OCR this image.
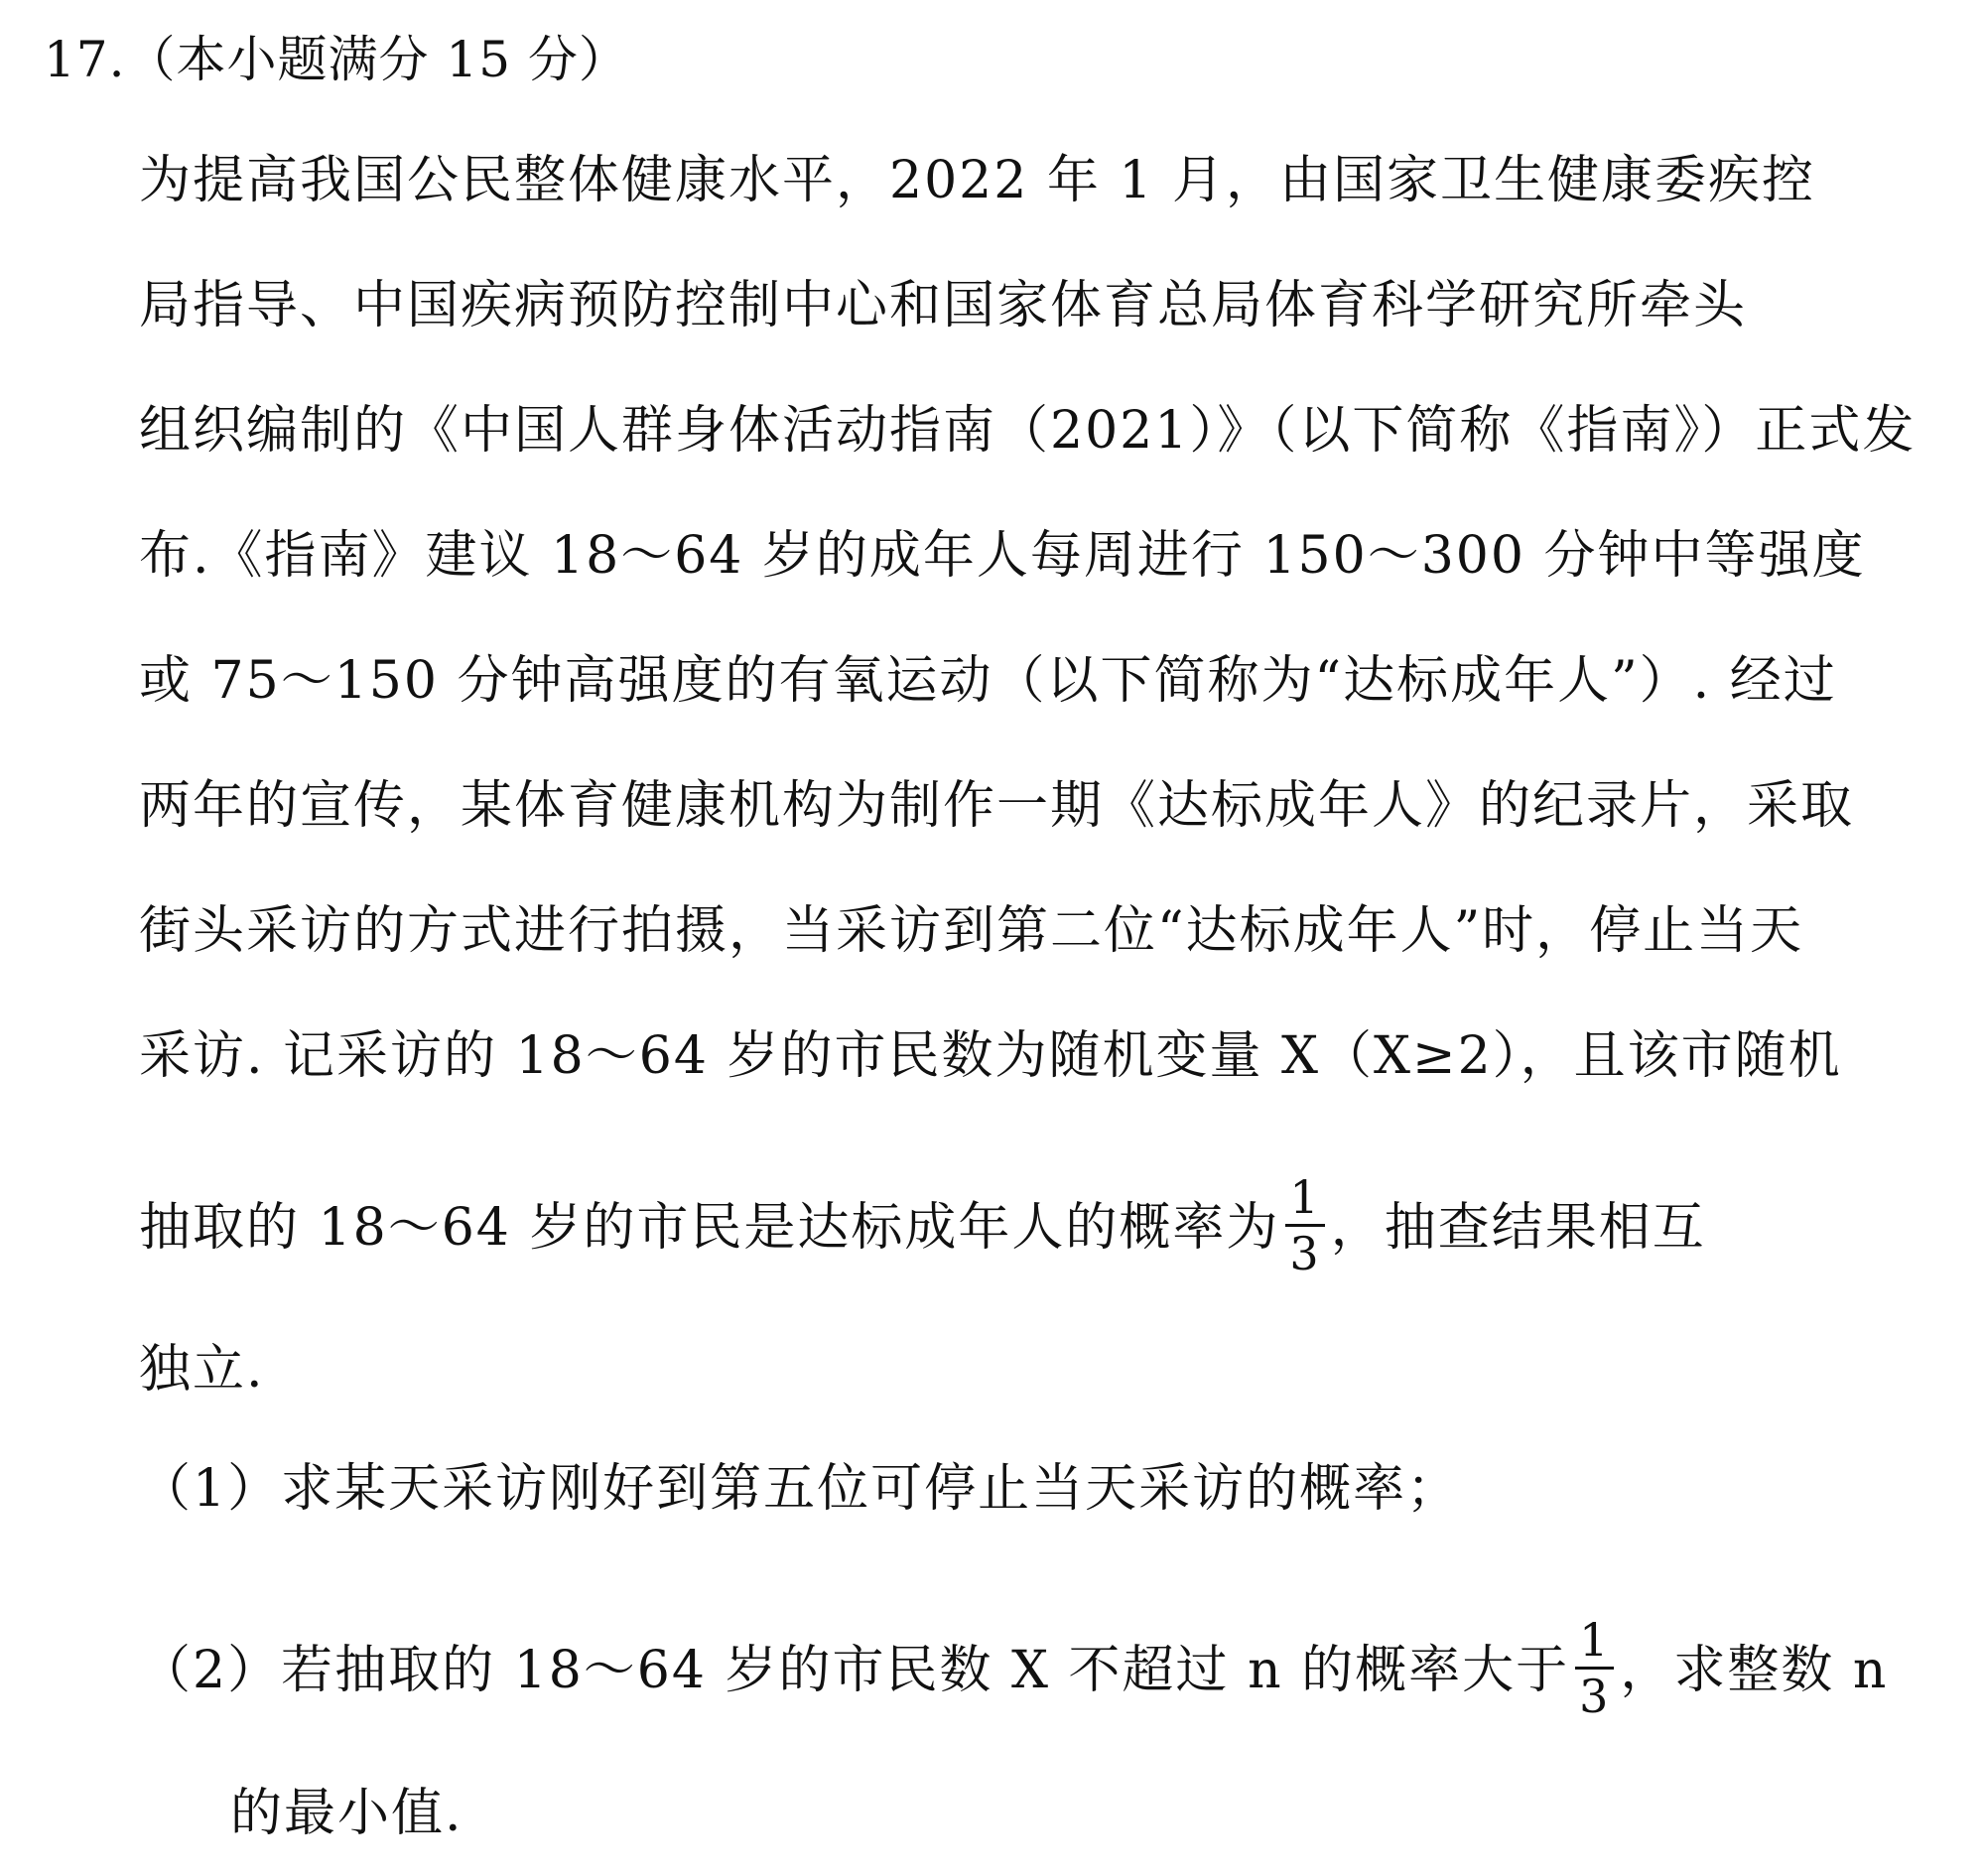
17.（本小题满分 15 分）
为提高我国公民整体健康水平，2022 年 1 月，由国家卫生健康委疾控
局指导、中国疾病预防控制中心和国家体育总局体育科学研究所牵头
组织编制的《中国人群身体活动指南（2021）》（以下简称《指南》）正式发
布.《指南》建议 18～64 岁的成年人每周进行 150～300 分钟中等强度
或 75～150 分钟高强度的有氧运动（以下简称为“达标成年人”）. 经过
两年的宣传，某体育健康机构为制作一期《达标成年人》的纪录片，采取
街头采访的方式进行拍摄，当采访到第二位“达标成年人”时，停止当天
采访. 记采访的 18～64 岁的市民数为随机变量 X（X≥2），且该市随机
抽取的 18～64 岁的市民是达标成年人的概率为 $\frac{1}{3}$ ，抽查结果相互
独立.
（1）求某天采访刚好到第五位可停止当天采访的概率；
（2）若抽取的 18～64 岁的市民数 X 不超过 n 的概率大于 $\frac{1}{3}$ ，求整数 n
的最小值.
